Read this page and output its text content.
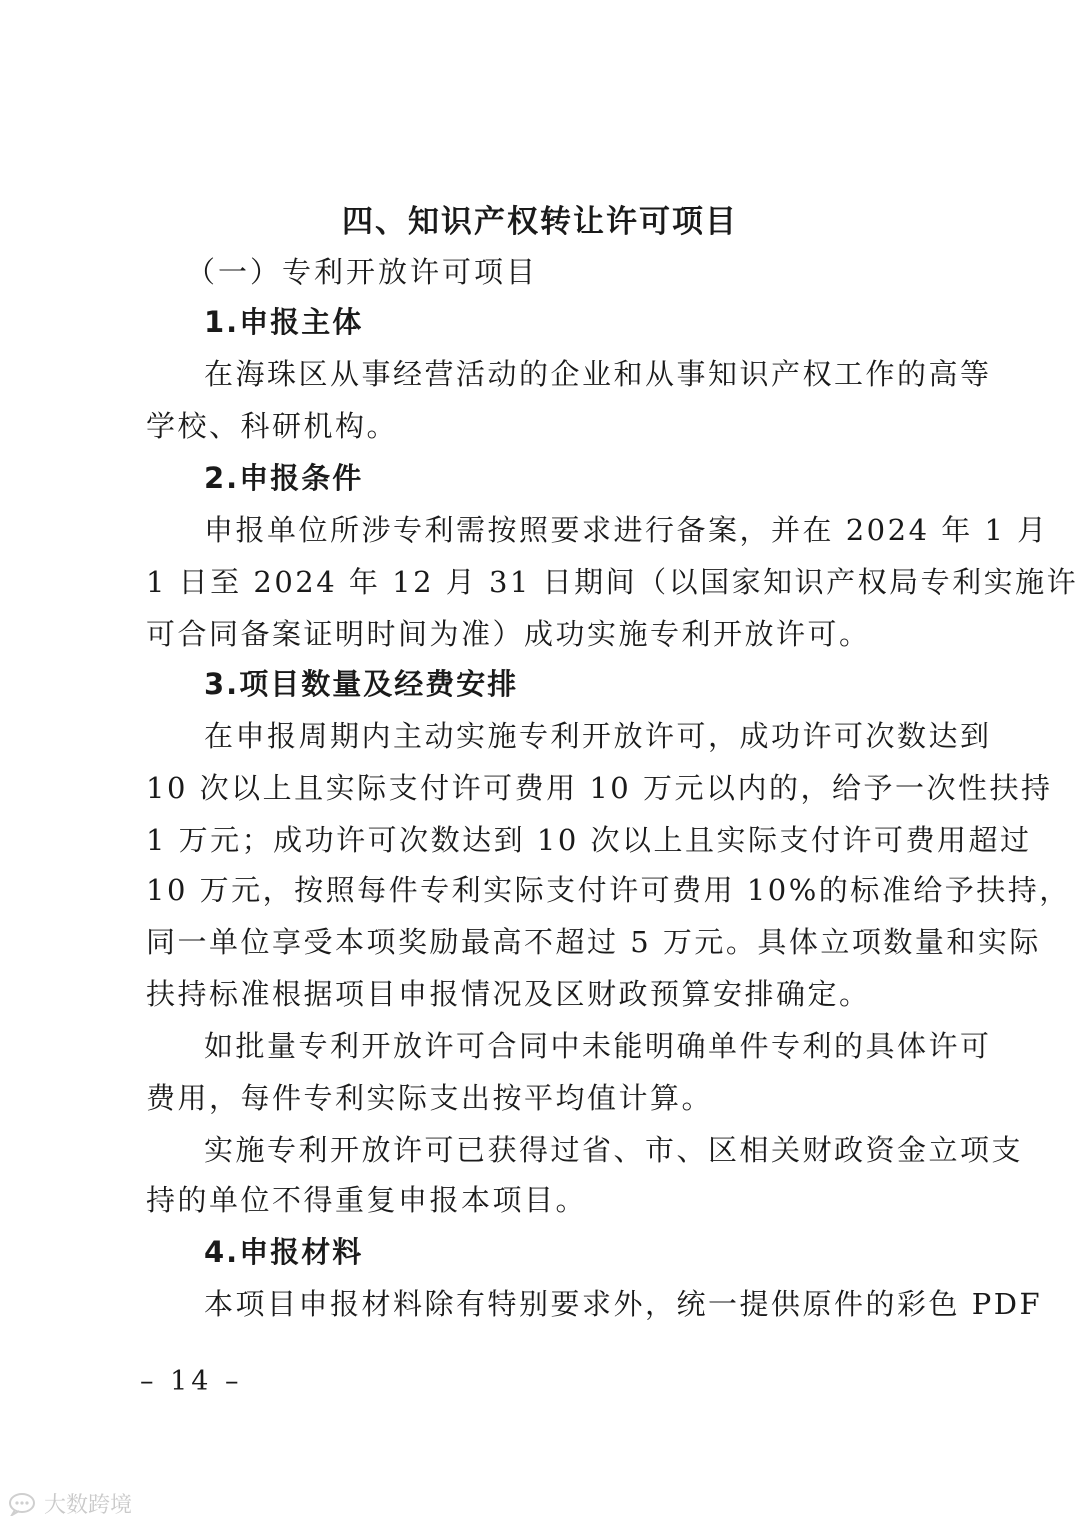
四、知识产权转让许可项目
（一）专利开放许可项目
1.申报主体
在海珠区从事经营活动的企业和从事知识产权工作的高等
学校、科研机构。
2.申报条件
申报单位所涉专利需按照要求进行备案，并在 2024 年 1 月
1 日至 2024 年 12 月 31 日期间（以国家知识产权局专利实施许
可合同备案证明时间为准）成功实施专利开放许可。
3.项目数量及经费安排
在申报周期内主动实施专利开放许可，成功许可次数达到
10 次以上且实际支付许可费用 10 万元以内的，给予一次性扶持
1 万元；成功许可次数达到 10 次以上且实际支付许可费用超过
10 万元，按照每件专利实际支付许可费用 10%的标准给予扶持，
同一单位享受本项奖励最高不超过 5 万元。具体立项数量和实际
扶持标准根据项目申报情况及区财政预算安排确定。
如批量专利开放许可合同中未能明确单件专利的具体许可
费用，每件专利实际支出按平均值计算。
实施专利开放许可已获得过省、市、区相关财政资金立项支
持的单位不得重复申报本项目。
4.申报材料
本项目申报材料除有特别要求外，统一提供原件的彩色 PDF
– 14 –
大数跨境
